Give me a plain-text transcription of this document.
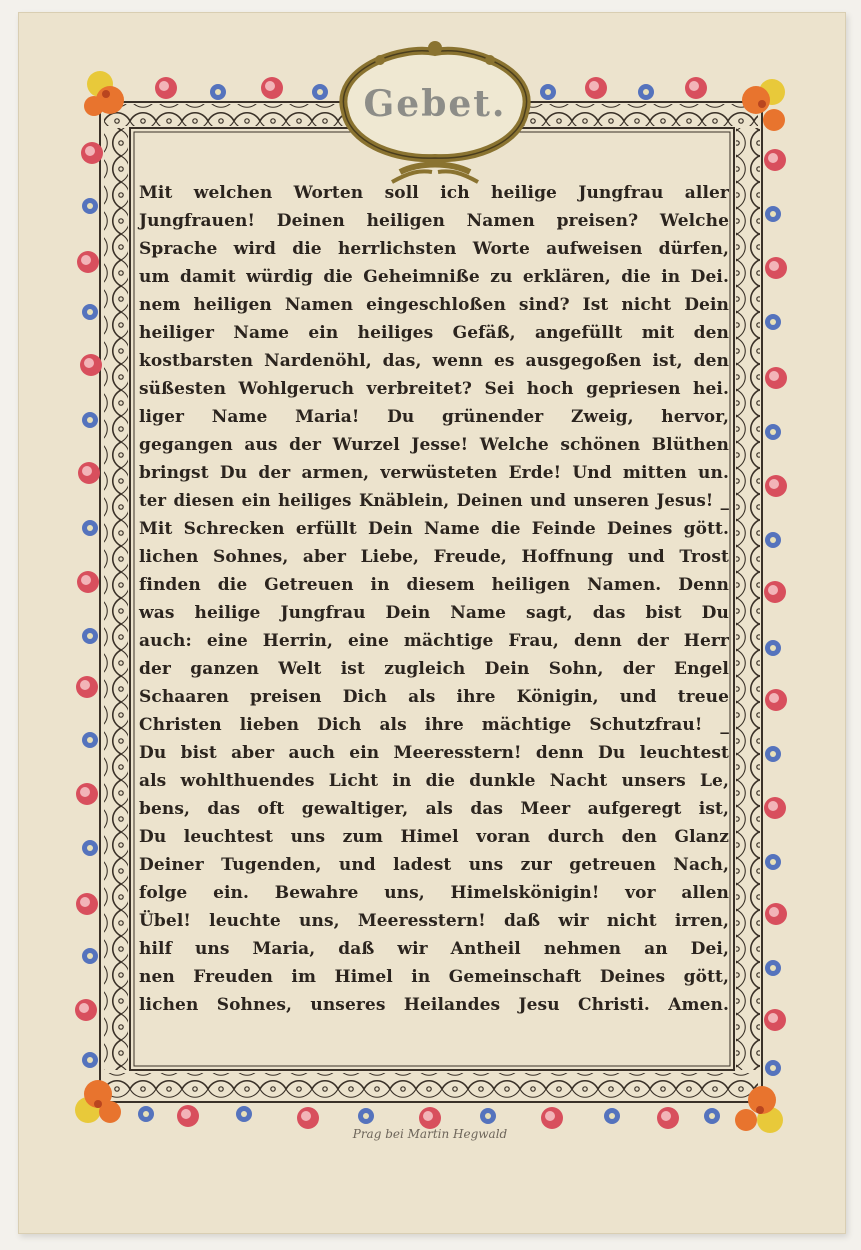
Gebet.
Mit welchen Worten soll ich heilige Jungfrau aller
Jungfrauen! Deinen heiligen Namen preisen? Welche
Sprache wird die herrlichsten Worte aufweisen dürfen,
um damit würdig die Geheimniße zu erklären, die in Dei.
nem heiligen Namen eingeschloßen sind? Ist nicht Dein
heiliger Name ein heiliges Gefäß, angefüllt mit den
kostbarsten Nardenöhl, das, wenn es ausgegoßen ist, den
süßesten Wohlgeruch verbreitet? Sei hoch gepriesen hei.
liger Name Maria! Du grünender Zweig, hervor,
gegangen aus der Wurzel Jesse! Welche schönen Blüthen
bringst Du der armen, verwüsteten Erde! Und mitten un.
ter diesen ein heiliges Knäblein, Deinen und unseren Jesus! _
Mit Schrecken erfüllt Dein Name die Feinde Deines gött.
lichen Sohnes, aber Liebe, Freude, Hoffnung und Trost
finden die Getreuen in diesem heiligen Namen. Denn
was heilige Jungfrau Dein Name sagt, das bist Du
auch: eine Herrin, eine mächtige Frau, denn der Herr
der ganzen Welt ist zugleich Dein Sohn, der Engel
Schaaren preisen Dich als ihre Königin, und treue
Christen lieben Dich als ihre mächtige Schutzfrau! _
Du bist aber auch ein Meeresstern! denn Du leuchtest
als wohlthuendes Licht in die dunkle Nacht unsers Le,
bens, das oft gewaltiger, als das Meer aufgeregt ist,
Du leuchtest uns zum Himel voran durch den Glanz
Deiner Tugenden, und ladest uns zur getreuen Nach,
folge ein. Bewahre uns, Himelskönigin! vor allen
Übel! leuchte uns, Meeresstern! daß wir nicht irren,
hilf uns Maria, daß wir Antheil nehmen an Dei,
nen Freuden im Himel in Gemeinschaft Deines gött,
lichen Sohnes, unseres Heilandes Jesu Christi. Amen.
Prag bei Martin Hegwald
